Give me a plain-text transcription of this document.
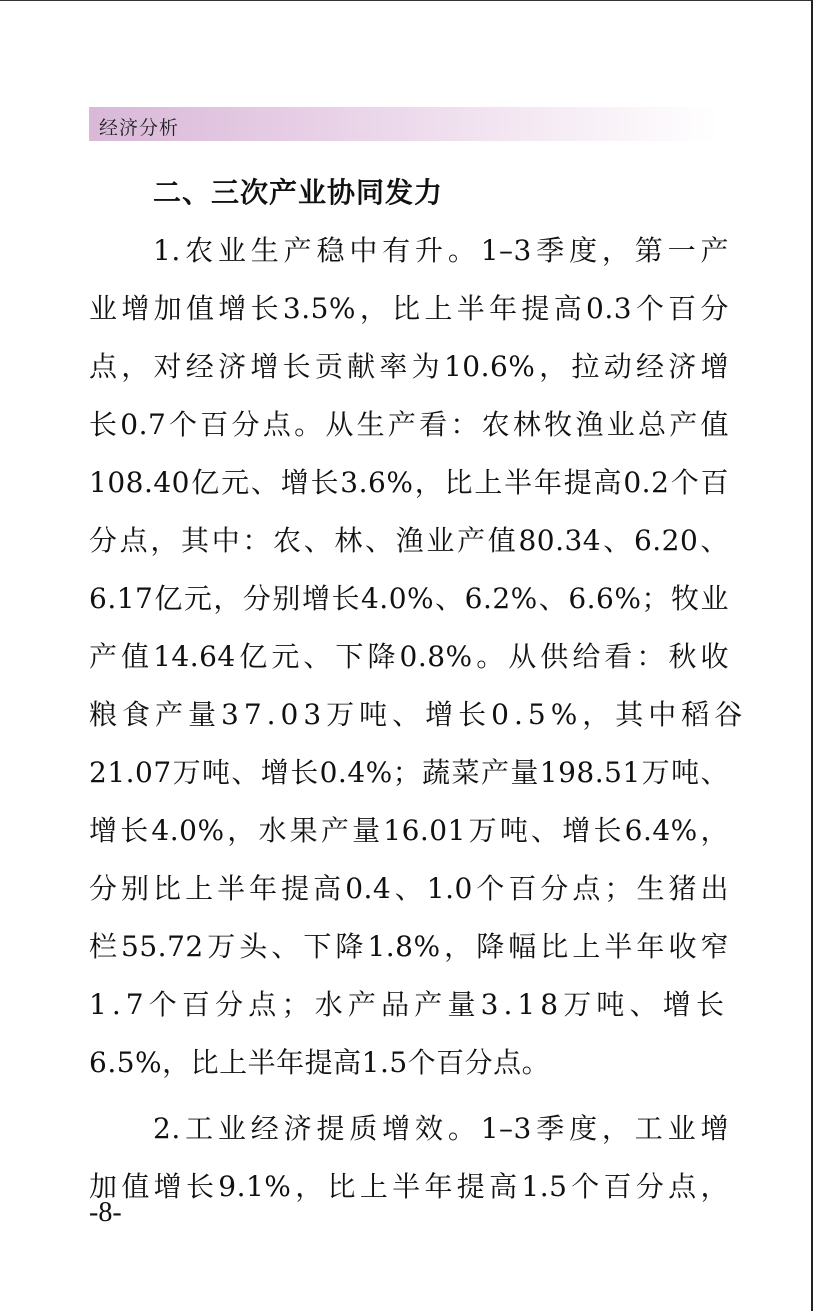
经济分析
二、三次产业协同发力
1.农业生产稳中有升。1–3季度，第一产
业增加值增长3.5%，比上半年提高0.3个百分
点，对经济增长贡献率为10.6%，拉动经济增
长0.7个百分点。从生产看：农林牧渔业总产值
108.40亿元、增长3.6%，比上半年提高0.2个百
分点，其中：农、林、渔业产值80.34、6.20、
6.17亿元，分别增长4.0%、6.2%、6.6%；牧业
产值14.64亿元、下降0.8%。从供给看：秋收
粮食产量37.03万吨、增长0.5%，其中稻谷
21.07万吨、增长0.4%；蔬菜产量198.51万吨、
增长4.0%，水果产量16.01万吨、增长6.4%，
分别比上半年提高0.4、1.0个百分点；生猪出
栏55.72万头、下降1.8%，降幅比上半年收窄
1.7个百分点；水产品产量3.18万吨、增长
6.5%，比上半年提高1.5个百分点。
2.工业经济提质增效。1–3季度，工业增
加值增长9.1%，比上半年提高1.5个百分点，
-8-
